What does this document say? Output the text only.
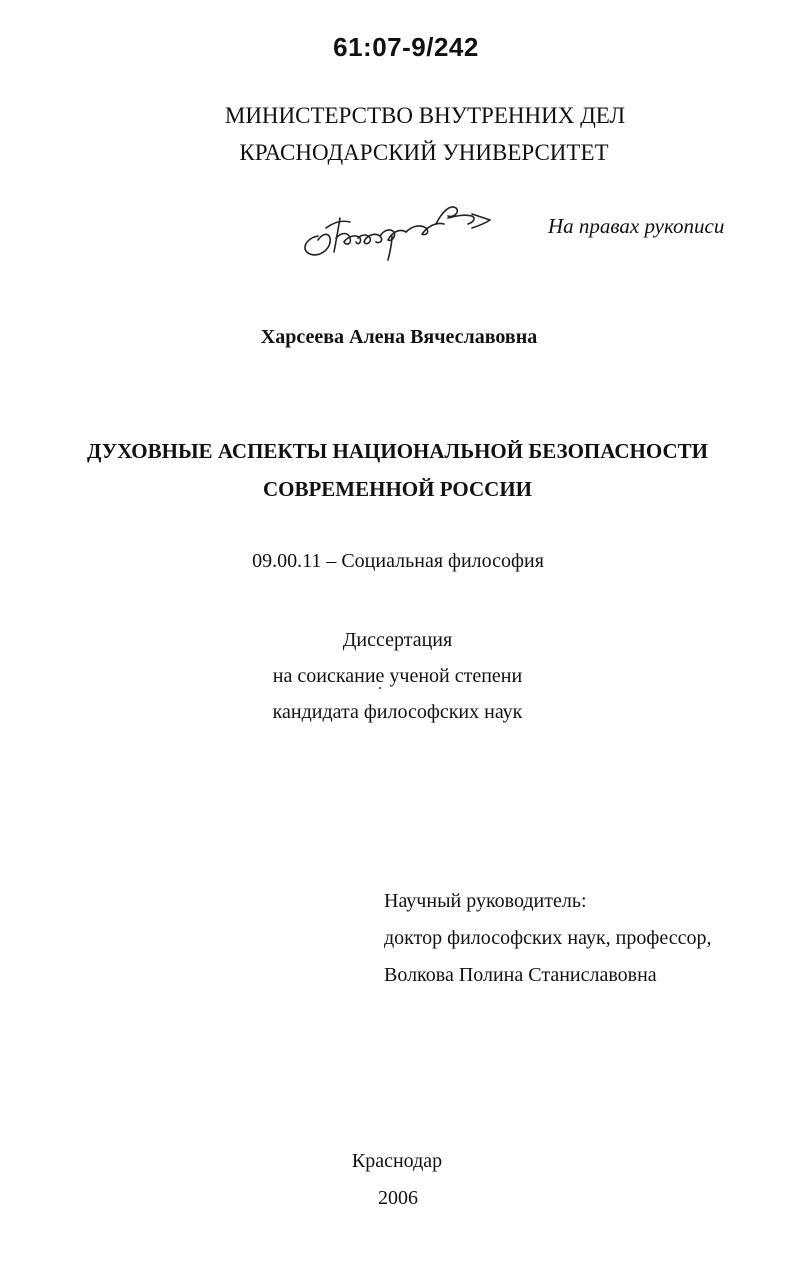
61:07-9/242
МИНИСТЕРСТВО ВНУТРЕННИХ ДЕЛ
КРАСНОДАРСКИЙ УНИВЕРСИТЕТ
На правах рукописи
Харсеева Алена Вячеславовна
ДУХОВНЫЕ АСПЕКТЫ НАЦИОНАЛЬНОЙ БЕЗОПАСНОСТИ
СОВРЕМЕННОЙ РОССИИ
09.00.11 – Социальная философия
Диссертация
на соискание ученой степени
кандидата философских наук
Научный руководитель:
доктор философских наук, профессор,
Волкова Полина Станиславовна
Краснодар
2006
